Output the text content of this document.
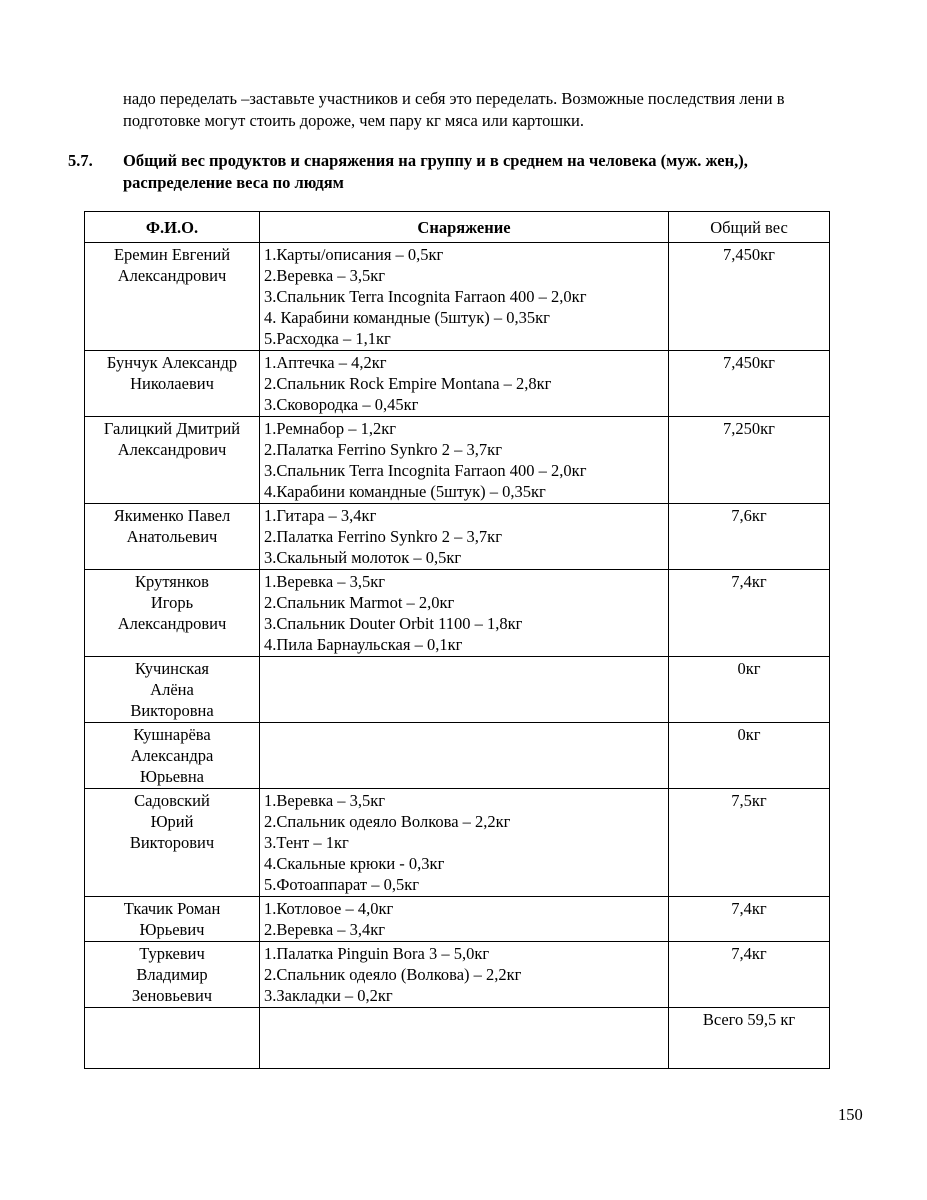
надо переделать –заставьте участников и себя это переделать. Возможные последствия лени в
подготовке могут стоить дороже, чем пару кг мяса или картошки.

5.7. Общий вес продуктов и снаряжения на группу и в среднем на человека (муж. жен,),
распределение веса по людям
Ф.И.О.	Снаряжение	Общий вес

Еремин Евгений
Александрович	1.Карты/описания – 0,5кг
2.Веревка – 3,5кг
3.Спальник Terra Incognita Farraon 400 – 2,0кг
4. Карабини командные (5штук) – 0,35кг
5.Расходка – 1,1кг	7,450кг

Бунчук Александр
Николаевич	1.Аптечка – 4,2кг
2.Спальник Rock Empire Montana – 2,8кг
3.Сковородка – 0,45кг	7,450кг

Галицкий Дмитрий
Александрович	1.Ремнабор – 1,2кг
2.Палатка Ferrino Synkro 2 – 3,7кг
3.Спальник Terra Incognita Farraon 400 – 2,0кг
4.Карабини командные (5штук) – 0,35кг	7,250кг

Якименко Павел
Анатольевич	1.Гитара – 3,4кг
2.Палатка Ferrino Synkro 2 – 3,7кг
3.Скальный молоток – 0,5кг	7,6кг

Крутянков
Игорь
Александрович	1.Веревка – 3,5кг
2.Спальник Marmot – 2,0кг
3.Спальник Douter Orbit 1100 – 1,8кг
4.Пила Барнаульская – 0,1кг	7,4кг

Кучинская
Алёна
Викторовна		0кг

Кушнарёва
Александра
Юрьевна		0кг

Садовский
Юрий
Викторович	1.Веревка – 3,5кг
2.Спальник одеяло Волкова – 2,2кг
3.Тент – 1кг
4.Скальные крюки - 0,3кг
5.Фотоаппарат – 0,5кг	7,5кг

Ткачик Роман
Юрьевич	1.Котловое – 4,0кг
2.Веревка – 3,4кг	7,4кг

Туркевич
Владимир
Зеновьевич	1.Палатка Pinguin Bora 3 – 5,0кг
2.Спальник одеяло (Волкова) – 2,2кг
3.Закладки – 0,2кг	7,4кг
		Всего 59,5 кг
150
